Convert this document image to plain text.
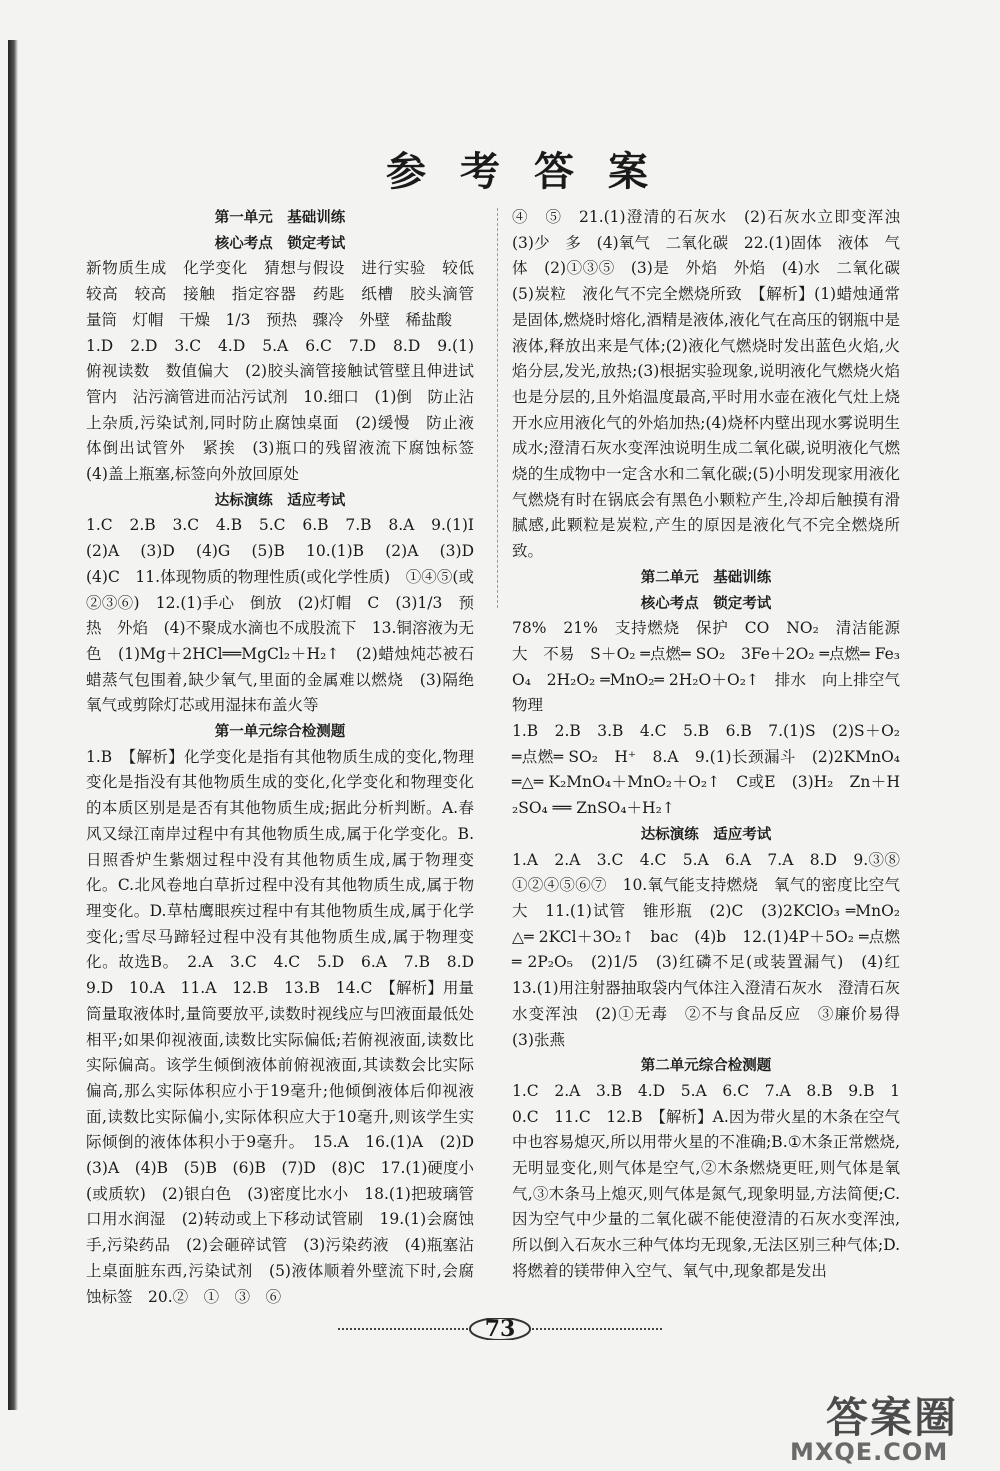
参考答案
第一单元　基础训练
核心考点　锁定考试
新物质生成　化学变化　猜想与假设　进行实验　较低　较高　较高　接触　指定容器　药匙　纸槽　胶头滴管　量筒　灯帽　干燥　1/3　预热　骤冷　外壁　稀盐酸
1.D　2.D　3.C　4.D　5.A　6.C　7.D　8.D　9.(1)俯视读数　数值偏大　(2)胶头滴管接触试管壁且伸进试管内　沾污滴管进而沾污试剂　10.细口　(1)倒　防止沾上杂质,污染试剂,同时防止腐蚀桌面　(2)缓慢　防止液体倒出试管外　紧挨　(3)瓶口的残留液流下腐蚀标签　(4)盖上瓶塞,标签向外放回原处
达标演练　适应考试
1.C　2.B　3.C　4.B　5.C　6.B　7.B　8.A　9.(1)I　(2)A　(3)D　(4)G　(5)B　10.(1)B　(2)A　(3)D　(4)C　11.体现物质的物理性质(或化学性质)　①④⑤(或②③⑥)　12.(1)手心　倒放　(2)灯帽　C　(3)1/3　预热　外焰　(4)不聚成水滴也不成股流下　13.铜溶液为无色　(1)Mg＋2HCl══MgCl₂＋H₂↑　(2)蜡烛炖芯被石蜡蒸气包围着,缺少氧气,里面的金属难以燃烧　(3)隔绝氧气或剪除灯芯或用湿抹布盖火等
第一单元综合检测题
1.B　【解析】化学变化是指有其他物质生成的变化,物理变化是指没有其他物质生成的变化,化学变化和物理变化的本质区别是是否有其他物质生成;据此分析判断。A.春风又绿江南岸过程中有其他物质生成,属于化学变化。B.日照香炉生紫烟过程中没有其他物质生成,属于物理变化。C.北风卷地白草折过程中没有其他物质生成,属于物理变化。D.草枯鹰眼疾过程中有其他物质生成,属于化学变化;雪尽马蹄轻过程中没有其他物质生成,属于物理变化。故选B。　2.A　3.C　4.C　5.D　6.A　7.B　8.D　9.D　10.A　11.A　12.B　13.B　14.C　【解析】用量筒量取液体时,量筒要放平,读数时视线应与凹液面最低处相平;如果仰视液面,读数比实际偏低;若俯视液面,读数比实际偏高。该学生倾倒液体前俯视液面,其读数会比实际偏高,那么实际体积应小于19毫升;他倾倒液体后仰视液面,读数比实际偏小,实际体积应大于10毫升,则该学生实际倾倒的液体体积小于9毫升。　15.A　16.(1)A　(2)D　(3)A　(4)B　(5)B　(6)B　(7)D　(8)C　17.(1)硬度小(或质软)　(2)银白色　(3)密度比水小　18.(1)把玻璃管口用水润湿　(2)转动或上下移动试管刷　19.(1)会腐蚀手,污染药品　(2)会砸碎试管　(3)污染药液　(4)瓶塞沾上桌面脏东西,污染试剂　(5)液体顺着外壁流下时,会腐蚀标签　20.②　①　③　⑥
④　⑤　21.(1)澄清的石灰水　(2)石灰水立即变浑浊　(3)少　多　(4)氧气　二氧化碳　22.(1)固体　液体　气体　(2)①③⑤　(3)是　外焰　外焰　(4)水　二氧化碳　(5)炭粒　液化气不完全燃烧所致　【解析】(1)蜡烛通常是固体,燃烧时熔化,酒精是液体,液化气在高压的钢瓶中是液体,释放出来是气体;(2)液化气燃烧时发出蓝色火焰,火焰分层,发光,放热;(3)根据实验现象,说明液化气燃烧火焰也是分层的,且外焰温度最高,平时用水壶在液化气灶上烧开水应用液化气的外焰加热;(4)烧杯内壁出现水雾说明生成水;澄清石灰水变浑浊说明生成二氧化碳,说明液化气燃烧的生成物中一定含水和二氧化碳;(5)小明发现家用液化气燃烧有时在锅底会有黑色小颗粒产生,冷却后触摸有滑腻感,此颗粒是炭粒,产生的原因是液化气不完全燃烧所致。
第二单元　基础训练
核心考点　锁定考试
78%　21%　支持燃烧　保护　CO　NO₂　清洁能源　大　不易　S＋O₂ ═点燃═ SO₂　3Fe＋2O₂ ═点燃═ Fe₃O₄　2H₂O₂ ═MnO₂═ 2H₂O＋O₂↑　排水　向上排空气　物理
1.B　2.B　3.B　4.C　5.B　6.B　7.(1)S　(2)S＋O₂ ═点燃═ SO₂　H⁺　8.A　9.(1)长颈漏斗　(2)2KMnO₄ ═△═ K₂MnO₄＋MnO₂＋O₂↑　C或E　(3)H₂　Zn＋H₂SO₄ ══ ZnSO₄＋H₂↑
达标演练　适应考试
1.A　2.A　3.C　4.C　5.A　6.A　7.A　8.D　9.③⑧　①②④⑤⑥⑦　10.氧气能支持燃烧　氧气的密度比空气大　11.(1)试管　锥形瓶　(2)C　(3)2KClO₃ ═MnO₂ △═ 2KCl＋3O₂↑　bac　(4)b　12.(1)4P＋5O₂ ═点燃═ 2P₂O₅　(2)1/5　(3)红磷不足(或装置漏气)　(4)红　13.(1)用注射器抽取袋内气体注入澄清石灰水　澄清石灰水变浑浊　(2)①无毒　②不与食品反应　③廉价易得　(3)张燕
第二单元综合检测题
1.C　2.A　3.B　4.D　5.A　6.C　7.A　8.B　9.B　10.C　11.C　12.B　【解析】A.因为带火星的木条在空气中也容易熄灭,所以用带火星的不准确;B.①木条正常燃烧,无明显变化,则气体是空气,②木条燃烧更旺,则气体是氧气,③木条马上熄灭,则气体是氮气,现象明显,方法简便;C.因为空气中少量的二氧化碳不能使澄清的石灰水变浑浊,所以倒入石灰水三种气体均无现象,无法区别三种气体;D.将燃着的镁带伸入空气、氧气中,现象都是发出
73
答案圈
MXQE.COM
